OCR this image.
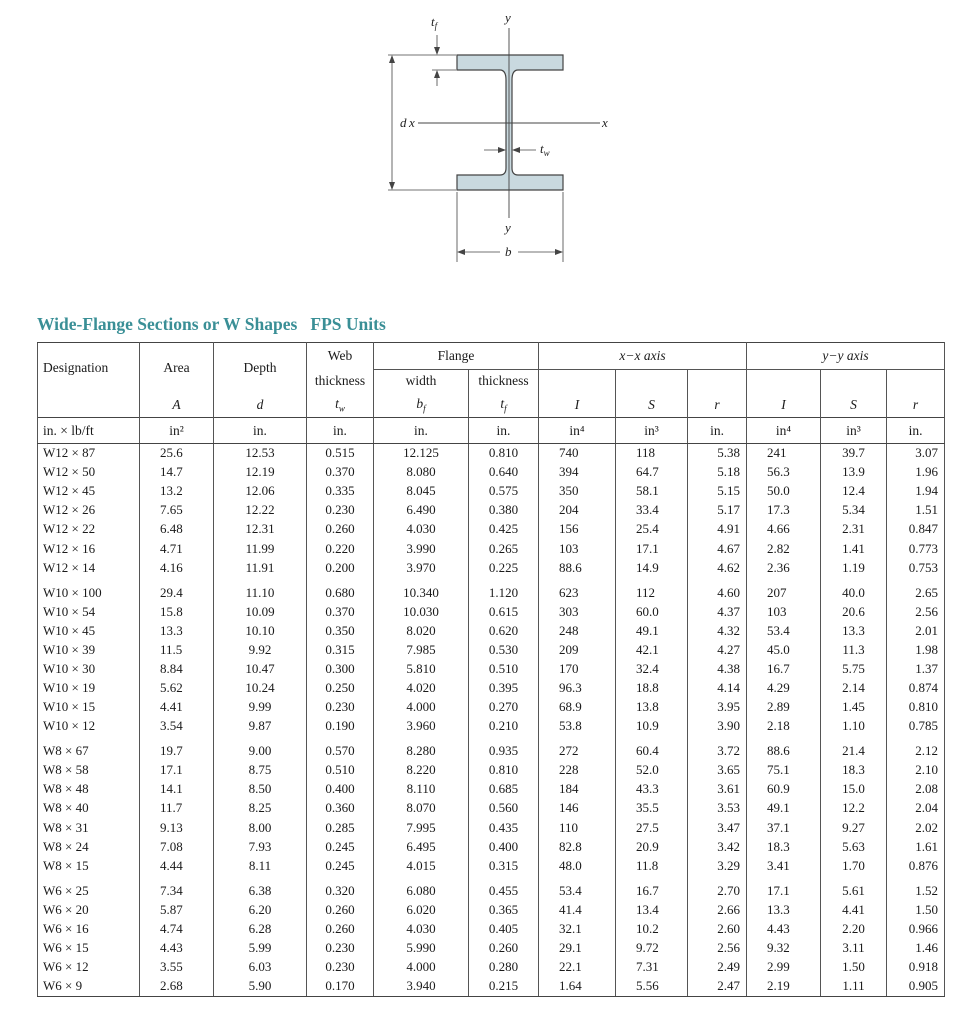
$t_f$
y
d x	x
$t_w$
y
b
Wide-Flange Sections or W Shapes   FPS Units
Designation	Area	Depth	Web	Flange		x−x axis			y−y axis		
			thickness	width	thickness						
	A	d	$t_w$	$b_f$	$t_f$	I	S	r	I	S	r
in. × lb/ft	in²	in.	in.	in.	in.	in⁴	in³	in.	in⁴	in³	in.
W12 × 87	25.6	12.53	0.515	12.125	0.810	740	118	5.38	241	39.7	3.07
W12 × 50	14.7	12.19	0.370	8.080	0.640	394	64.7	5.18	56.3	13.9	1.96
W12 × 45	13.2	12.06	0.335	8.045	0.575	350	58.1	5.15	50.0	12.4	1.94
W12 × 26	7.65	12.22	0.230	6.490	0.380	204	33.4	5.17	17.3	5.34	1.51
W12 × 22	6.48	12.31	0.260	4.030	0.425	156	25.4	4.91	4.66	2.31	0.847
W12 × 16	4.71	11.99	0.220	3.990	0.265	103	17.1	4.67	2.82	1.41	0.773
W12 × 14	4.16	11.91	0.200	3.970	0.225	88.6	14.9	4.62	2.36	1.19	0.753
W10 × 100	29.4	11.10	0.680	10.340	1.120	623	112	4.60	207	40.0	2.65
W10 × 54	15.8	10.09	0.370	10.030	0.615	303	60.0	4.37	103	20.6	2.56
W10 × 45	13.3	10.10	0.350	8.020	0.620	248	49.1	4.32	53.4	13.3	2.01
W10 × 39	11.5	9.92	0.315	7.985	0.530	209	42.1	4.27	45.0	11.3	1.98
W10 × 30	8.84	10.47	0.300	5.810	0.510	170	32.4	4.38	16.7	5.75	1.37
W10 × 19	5.62	10.24	0.250	4.020	0.395	96.3	18.8	4.14	4.29	2.14	0.874
W10 × 15	4.41	9.99	0.230	4.000	0.270	68.9	13.8	3.95	2.89	1.45	0.810
W10 × 12	3.54	9.87	0.190	3.960	0.210	53.8	10.9	3.90	2.18	1.10	0.785
W8 × 67	19.7	9.00	0.570	8.280	0.935	272	60.4	3.72	88.6	21.4	2.12
W8 × 58	17.1	8.75	0.510	8.220	0.810	228	52.0	3.65	75.1	18.3	2.10
W8 × 48	14.1	8.50	0.400	8.110	0.685	184	43.3	3.61	60.9	15.0	2.08
W8 × 40	11.7	8.25	0.360	8.070	0.560	146	35.5	3.53	49.1	12.2	2.04
W8 × 31	9.13	8.00	0.285	7.995	0.435	110	27.5	3.47	37.1	9.27	2.02
W8 × 24	7.08	7.93	0.245	6.495	0.400	82.8	20.9	3.42	18.3	5.63	1.61
W8 × 15	4.44	8.11	0.245	4.015	0.315	48.0	11.8	3.29	3.41	1.70	0.876
W6 × 25	7.34	6.38	0.320	6.080	0.455	53.4	16.7	2.70	17.1	5.61	1.52
W6 × 20	5.87	6.20	0.260	6.020	0.365	41.4	13.4	2.66	13.3	4.41	1.50
W6 × 16	4.74	6.28	0.260	4.030	0.405	32.1	10.2	2.60	4.43	2.20	0.966
W6 × 15	4.43	5.99	0.230	5.990	0.260	29.1	9.72	2.56	9.32	3.11	1.46
W6 × 12	3.55	6.03	0.230	4.000	0.280	22.1	7.31	2.49	2.99	1.50	0.918
W6 × 9	2.68	5.90	0.170	3.940	0.215	1.64	5.56	2.47	2.19	1.11	0.905
